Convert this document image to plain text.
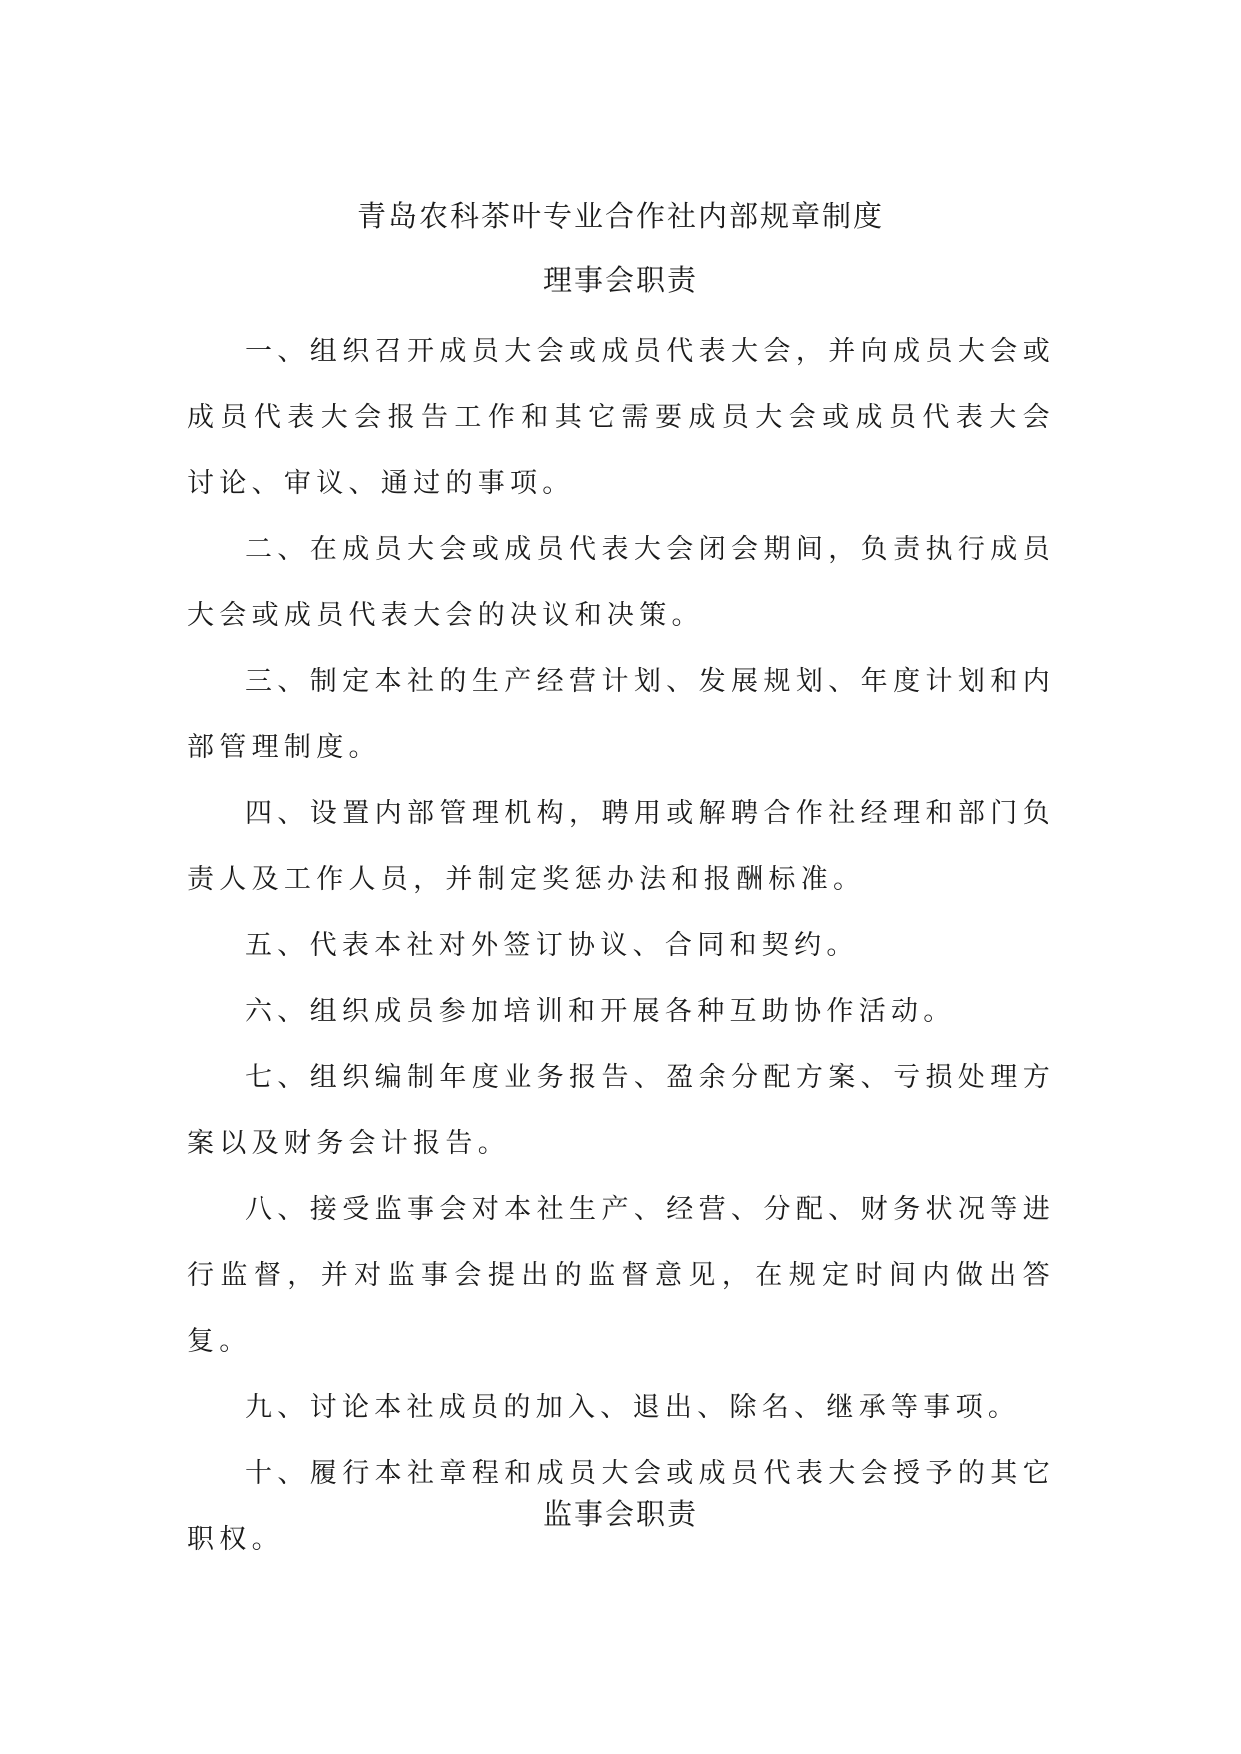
青岛农科茶叶专业合作社内部规章制度
理事会职责

一、组织召开成员大会或成员代表大会，并向成员大会或成员代表大会报告工作和其它需要成员大会或成员代表大会讨论、审议、通过的事项。

二、在成员大会或成员代表大会闭会期间，负责执行成员大会或成员代表大会的决议和决策。

三、制定本社的生产经营计划、发展规划、年度计划和内部管理制度。

四、设置内部管理机构，聘用或解聘合作社经理和部门负责人及工作人员，并制定奖惩办法和报酬标准。

五、代表本社对外签订协议、合同和契约。

六、组织成员参加培训和开展各种互助协作活动。

七、组织编制年度业务报告、盈余分配方案、亏损处理方案以及财务会计报告。

八、接受监事会对本社生产、经营、分配、财务状况等进行监督，并对监事会提出的监督意见，在规定时间内做出答复。

九、讨论本社成员的加入、退出、除名、继承等事项。

十、履行本社章程和成员大会或成员代表大会授予的其它职权。

监事会职责
